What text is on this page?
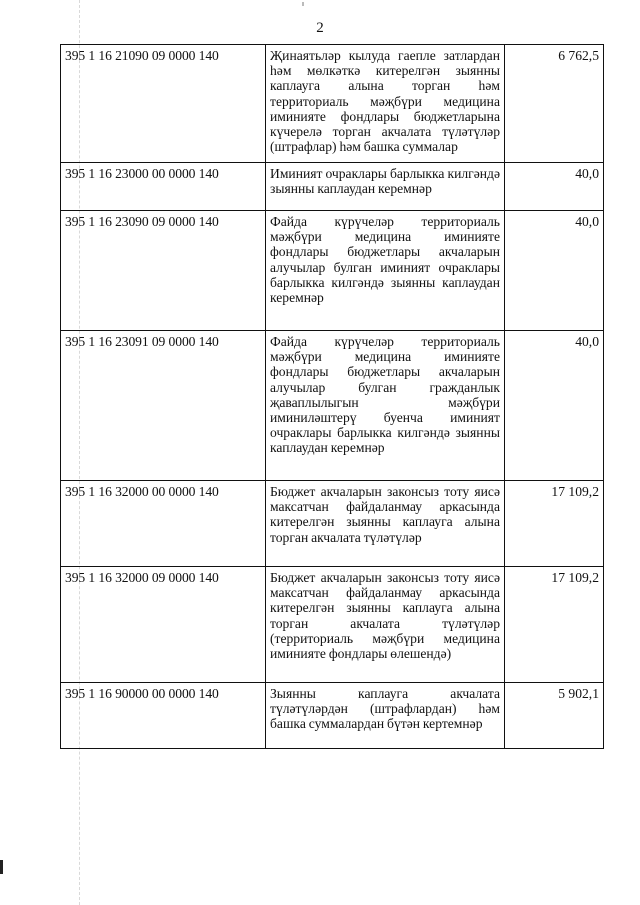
2
395 1 16 21090 09 0000 140	Җинаятьләр кылуда гаепле затлардан һәм мөлкәткә китерелгән зыянны каплауга алына торган һәм территориаль мәҗбүри медицина иминияте фондлары бюджетларына күчерелә торган акчалата түләтүләр (штрафлар) һәм башка суммалар	6 762,5
395 1 16 23000 00 0000 140	Иминият очраклары барлыкка килгәндә зыянны каплаудан керемнәр	40,0
395 1 16 23090 09 0000 140	Файда күрүчеләр территориаль мәҗбүри медицина иминияте фондлары бюджетлары акчаларын алучылар булган иминият очраклары барлыкка килгәндә зыянны каплаудан керемнәр	40,0
395 1 16 23091 09 0000 140	Файда күрүчеләр территориаль мәҗбүри медицина иминияте фондлары бюджетлары акчаларын алучылар булган гражданлык җаваплылыгын мәҗбүри иминиләштерү буенча иминият очраклары барлыкка килгәндә зыянны каплаудан керемнәр	40,0
395 1 16 32000 00 0000 140	Бюджет акчаларын законсыз тоту яисә максатчан файдаланмау аркасында китерелгән зыянны каплауга алына торган акчалата түләтүләр	17 109,2
395 1 16 32000 09 0000 140	Бюджет акчаларын законсыз тоту яисә максатчан файдаланмау аркасында китерелгән зыянны каплауга алына торган акчалата түләтүләр (территориаль мәҗбүри медицина иминияте фондлары өлешендә)	17 109,2
395 1 16 90000 00 0000 140	Зыянны каплауга акчалата түләтүләрдән (штрафлардан) һәм башка суммалардан бүтән кертемнәр	5 902,1
